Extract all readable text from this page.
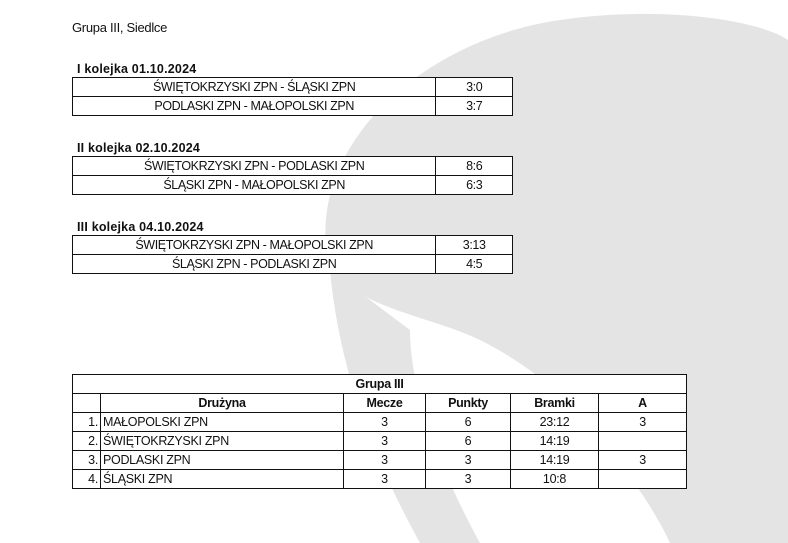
Grupa III, Siedlce
I kolejka 01.10.2024
ŚWIĘTOKRZYSKI ZPN - ŚLĄSKI ZPN	3:0
PODLASKI ZPN - MAŁOPOLSKI ZPN	3:7
II kolejka 02.10.2024
ŚWIĘTOKRZYSKI ZPN - PODLASKI ZPN	8:6
ŚLĄSKI ZPN - MAŁOPOLSKI ZPN	6:3
III kolejka 04.10.2024
ŚWIĘTOKRZYSKI ZPN - MAŁOPOLSKI ZPN	3:13
ŚLĄSKI ZPN - PODLASKI ZPN	4:5
Grupa III					
	Drużyna	Mecze	Punkty	Bramki	A
1.	MAŁOPOLSKI ZPN	3	6	23:12	3
2.	ŚWIĘTOKRZYSKI ZPN	3	6	14:19	
3.	PODLASKI ZPN	3	3	14:19	3
4.	ŚLĄSKI ZPN	3	3	10:8	
